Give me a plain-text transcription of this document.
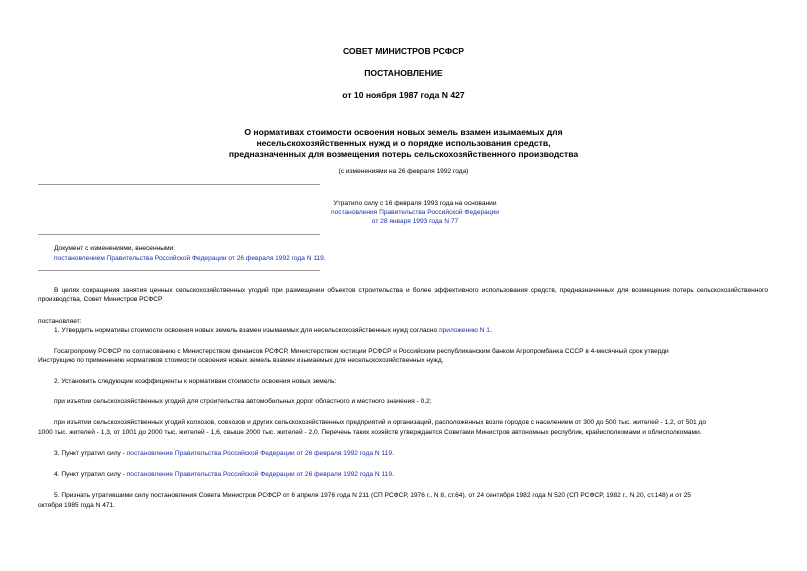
СОВЕТ МИНИСТРОВ РСФСР
ПОСТАНОВЛЕНИЕ
от 10 ноября 1987 года N 427
О нормативах стоимости освоения новых земель взамен изымаемых для
несельскохозяйственных нужд и о порядке использования средств,
предназначенных для возмещения потерь сельскохозяйственного производства
(с изменениями на 26 февраля 1992 года)
Утратило силу с 16 февраля 1993 года на основании
постановления Правительства Российской Федерации
от 28 января 1993 года N 77
Документ с изменениями, внесенными:
постановлением Правительства Российской Федерации от 26 февраля 1992 года N 119.
В целях сокращения занятия ценных сельскохозяйственных угодий при размещении объектов строительства и более эффективного использования средств, предназначенных для возмещения потерь сельскохозяйственного производства, Совет Министров РСФСР
постановляет:
1. Утвердить нормативы стоимости освоения новых земель взамен изымаемых для несельскохозяйственных нужд согласно приложению N 1.
Госагропрому РСФСР по согласованию с Министерством финансов РСФСР, Министерством юстиции РСФСР и Российским республиканским банком Агропромбанка СССР в 4-месячный срок утверди
Инструкцию по применению нормативов стоимости освоения новых земель взамен изымаемых для несельскохозяйственных нужд.
2. Установить следующие коэффициенты к нормативам стоимости освоения новых земель:
при изъятии сельскохозяйственных угодий для строительства автомобильных дорог областного и местного значения - 0,2;
при изъятии сельскохозяйственных угодий колхозов, совхозов и других сельскохозяйственных предприятий и организаций, расположенных возле городов с населением от 300 до 500 тыс. жителей - 1,2, от 501 до
1000 тыс. жителей - 1,3, от 1001 до 2000 тыс. жителей - 1,6, свыше 2000 тыс. жителей - 2,0. Перечень таких хозяйств утверждается Советами Министров автономных республик, крайисполкомами и облисполкомами.
3. Пункт утратил силу - постановление Правительства Российской Федерации от 26 февраля 1992 года N 119.
4. Пункт утратил силу - постановление Правительства Российской Федерации от 26 февраля 1992 года N 119.
5. Признать утратившими силу постановления Совета Министров РСФСР от 6 апреля 1976 года N 211 (СП РСФСР, 1976 г., N 8, ст.64), от 24 сентября 1982 года N 520 (СП РСФСР, 1982 г., N 20, ст.148) и от 25
октября 1985 года N 471.
